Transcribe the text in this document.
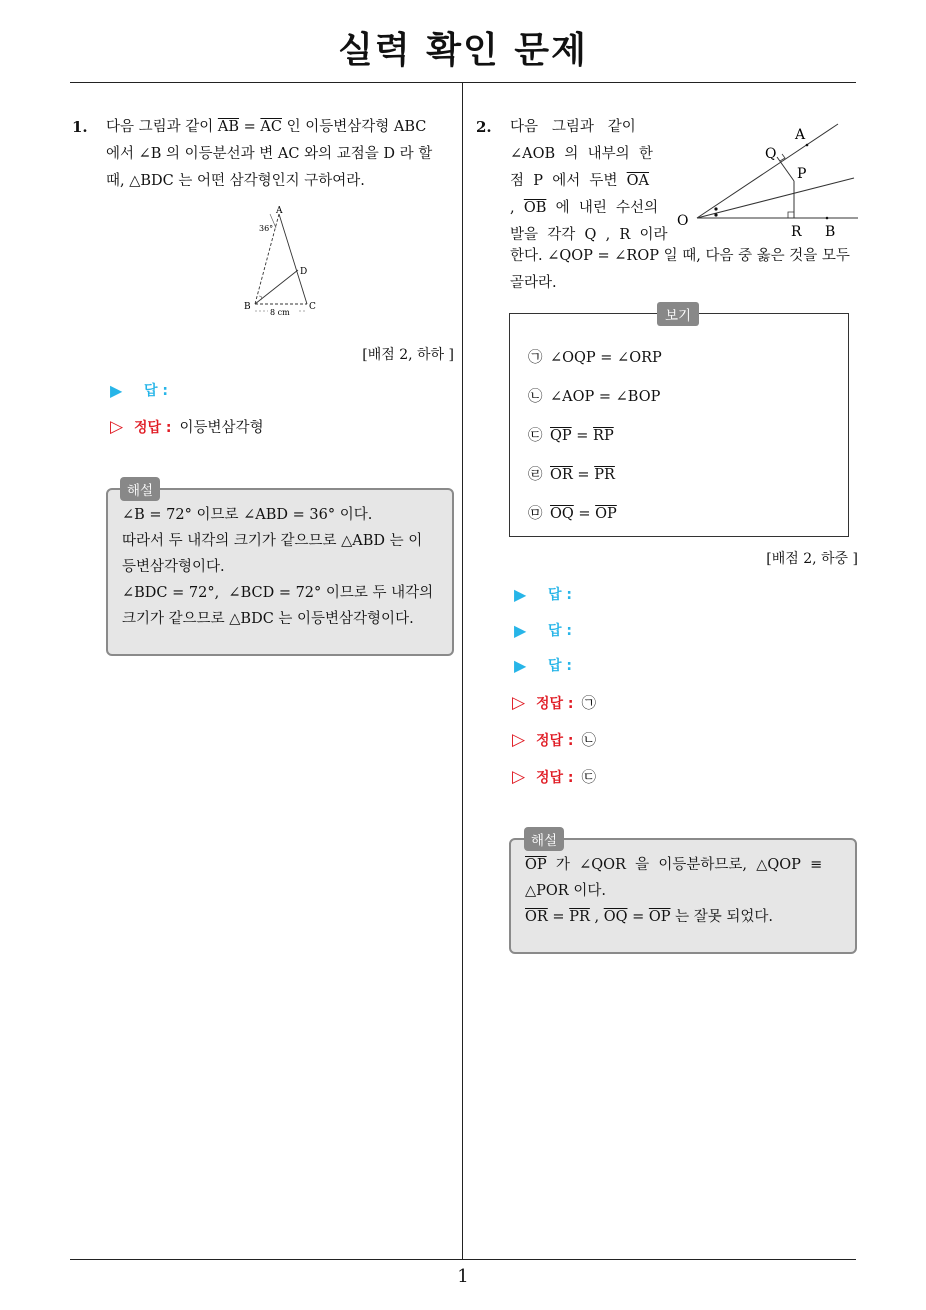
실력 확인 문제
1
1. 다음 그림과 같이 $\overline{AB} = \overline{AC}$ 인 이등변삼각형 ABC
에서 ∠B 의 이등분선과 변 AC 와의 교점을 D 라 할
때, △BDC 는 어떤 삼각형인지 구하여라.
A
36°
D
B	C
8 cm
[배점 2, 하하 ]
▶	답 :
▷ 정답 : 이등변삼각형
∠B = 72° 이므로 ∠ABD = 36° 이다.
따라서 두 내각의 크기가 같으므로 △ABD 는 이
등변삼각형이다.
∠BDC = 72°,  ∠BCD = 72° 이므로 두 내각의
크기가 같으므로 △BDC 는 이등변삼각형이다.
해설
2. 다음   그림과   같이
∠AOB  의  내부의  한
점  P  에서  두변  $\overline{OA}$
,  $\overline{OB}$  에  내린  수선의
발을  각각  Q  ,  R  이라
한다. ∠QOP = ∠ROP 일 때, 다음 중 옳은 것을 모두
골라라.
A
Q
P
O
R B
㉠ ∠OQP = ∠ORP
㉡ ∠AOP = ∠BOP
㉢ $\overline{QP} = \overline{RP}$
㉣ $\overline{OR} = \overline{PR}$
㉤ $\overline{OQ} = \overline{OP}$
보기
[배점 2, 하중 ]
▶	답 :
▶	답 :
▶	답 :
▷ 정답 : ㉠
▷ 정답 : ㉡
▷ 정답 : ㉢
$\overline{OP}$  가  ∠QOR  을  이등분하므로,  △QOP  ≡
△POR 이다.
$\overline{OR} = \overline{PR}$ , $\overline{OQ} = \overline{OP}$ 는 잘못 되었다.
해설
